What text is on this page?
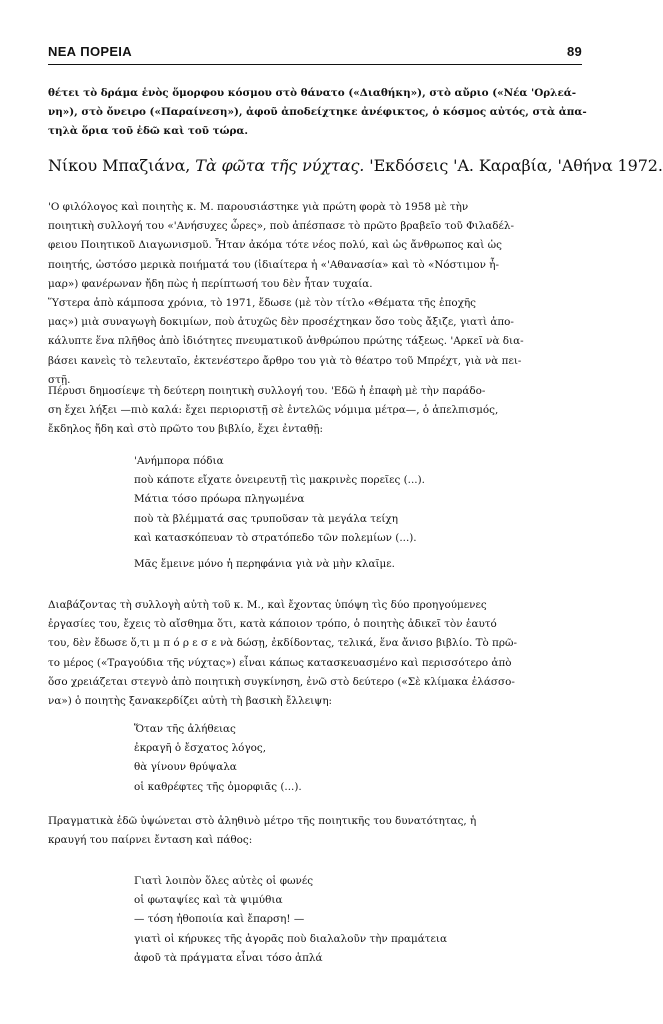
ΝΕΑ ΠΟΡΕΙΑ	89
θέτει τὸ δράμα ἑνὸς ὅμορφου κόσμου στὸ θάνατο («Διαθήκη»), στὸ αὔριο («Νέα 'Ορλεά-
νη»), στὸ ὄνειρο («Παραίνεση»), ἀφοῦ ἀποδείχτηκε ἀνέφικτος, ὁ κόσμος αὐτός, στὰ ἀπα-
τηλὰ ὅρια τοῦ ἐδῶ καὶ τοῦ τώρα.
Νίκου Μπαζιάνα, Τὰ φῶτα τῆς νύχτας. 'Εκδόσεις 'Α. Καραβία, 'Αθήνα 1972.
'Ο φιλόλογος καὶ ποιητὴς κ. Μ. παρουσιάστηκε γιὰ πρώτη φορὰ τὸ 1958 μὲ τὴν
ποιητικὴ συλλογή του «'Ανήσυχες ὧρες», ποὺ ἀπέσπασε τὸ πρῶτο βραβεῖο τοῦ Φιλαδέλ-
φειου Ποιητικοῦ Διαγωνισμοῦ. Ἦταν ἀκόμα τότε νέος πολύ, καὶ ὡς ἄνθρωπος καὶ ὡς
ποιητής, ὡστόσο μερικὰ ποιήματά του (ἰδιαίτερα ἡ «'Αθανασία» καὶ τὸ «Νόστιμον ἦ-
μαρ») φανέρωναν ἤδη πὼς ἡ περίπτωσή του δὲν ἦταν τυχαία.
Ὕστερα ἀπὸ κάμποσα χρόνια, τὸ 1971, ἔδωσε (μὲ τὸν τίτλο «Θέματα τῆς ἐποχῆς
μας») μιὰ συναγωγὴ δοκιμίων, ποὺ ἀτυχῶς δὲν προσέχτηκαν ὅσο τοὺς ἄξιζε, γιατὶ ἀπο-
κάλυπτε ἕνα πλῆθος ἀπὸ ἰδιότητες πνευματικοῦ ἀνθρώπου πρώτης τάξεως. 'Αρκεῖ νὰ δια-
βάσει κανεὶς τὸ τελευταῖο, ἐκτενέστερο ἄρθρο του γιὰ τὸ θέατρο τοῦ Μπρέχτ, γιὰ νὰ πει-
στῇ.
Πέρυσι δημοσίεψε τὴ δεύτερη ποιητικὴ συλλογή του. 'Εδῶ ἡ ἐπαφὴ μὲ τὴν παράδο-
ση ἔχει λήξει —πιὸ καλά: ἔχει περιοριστῇ σὲ ἐντελῶς νόμιμα μέτρα—, ὁ ἀπελπισμός,
ἔκδηλος ἤδη καὶ στὸ πρῶτο του βιβλίο, ἔχει ἐνταθῇ:
'Ανήμπορα πόδια
ποὺ κάποτε εἴχατε ὀνειρευτῇ τὶς μακρινὲς πορεῖες (...).
Μάτια τόσο πρόωρα πληγωμένα
ποὺ τὰ βλέμματά σας τρυποῦσαν τὰ μεγάλα τείχη
καὶ κατασκόπευαν τὸ στρατόπεδο τῶν πολεμίων (...).
Μᾶς ἔμεινε μόνο ἡ περηφάνια γιὰ νὰ μὴν κλαῖμε.
Διαβάζοντας τὴ συλλογὴ αὐτὴ τοῦ κ. Μ., καὶ ἔχοντας ὑπόψη τὶς δύο προηγούμενες
ἐργασίες του, ἔχεις τὸ αἴσθημα ὅτι, κατὰ κάποιον τρόπο, ὁ ποιητὴς ἀδικεῖ τὸν ἑαυτό
του, δὲν ἔδωσε ὅ,τι μ π ό ρ ε σ ε νὰ δώσῃ, ἐκδίδοντας, τελικά, ἕνα ἄνισο βιβλίο. Τὸ πρῶ-
το μέρος («Τραγούδια τῆς νύχτας») εἶναι κάπως κατασκευασμένο καὶ περισσότερο ἀπὸ
ὅσο χρειάζεται στεγνὸ ἀπὸ ποιητικὴ συγκίνηση, ἐνῶ στὸ δεύτερο («Σὲ κλίμακα ἐλάσσο-
να») ὁ ποιητὴς ξανακερδίζει αὐτὴ τὴ βασικὴ ἔλλειψη:
Ὅταν τῆς ἀλήθειας
ἐκραγῆ ὁ ἔσχατος λόγος,
θὰ γίνουν θρύψαλα
οἱ καθρέφτες τῆς ὀμορφιᾶς (...).
Πραγματικὰ ἐδῶ ὑψώνεται στὸ ἀληθινὸ μέτρο τῆς ποιητικῆς του δυνατότητας, ἡ
κραυγή του παίρνει ἔνταση καὶ πάθος:
Γιατὶ λοιπὸν ὅλες αὐτὲς οἱ φωνές
οἱ φωταψίες καὶ τὰ ψιμύθια
— τόση ἠθοποιία καὶ ἔπαρση! —
γιατὶ οἱ κήρυκες τῆς ἀγορᾶς ποὺ διαλαλοῦν τὴν πραμάτεια
ἀφοῦ τὰ πράγματα εἶναι τόσο ἁπλά
